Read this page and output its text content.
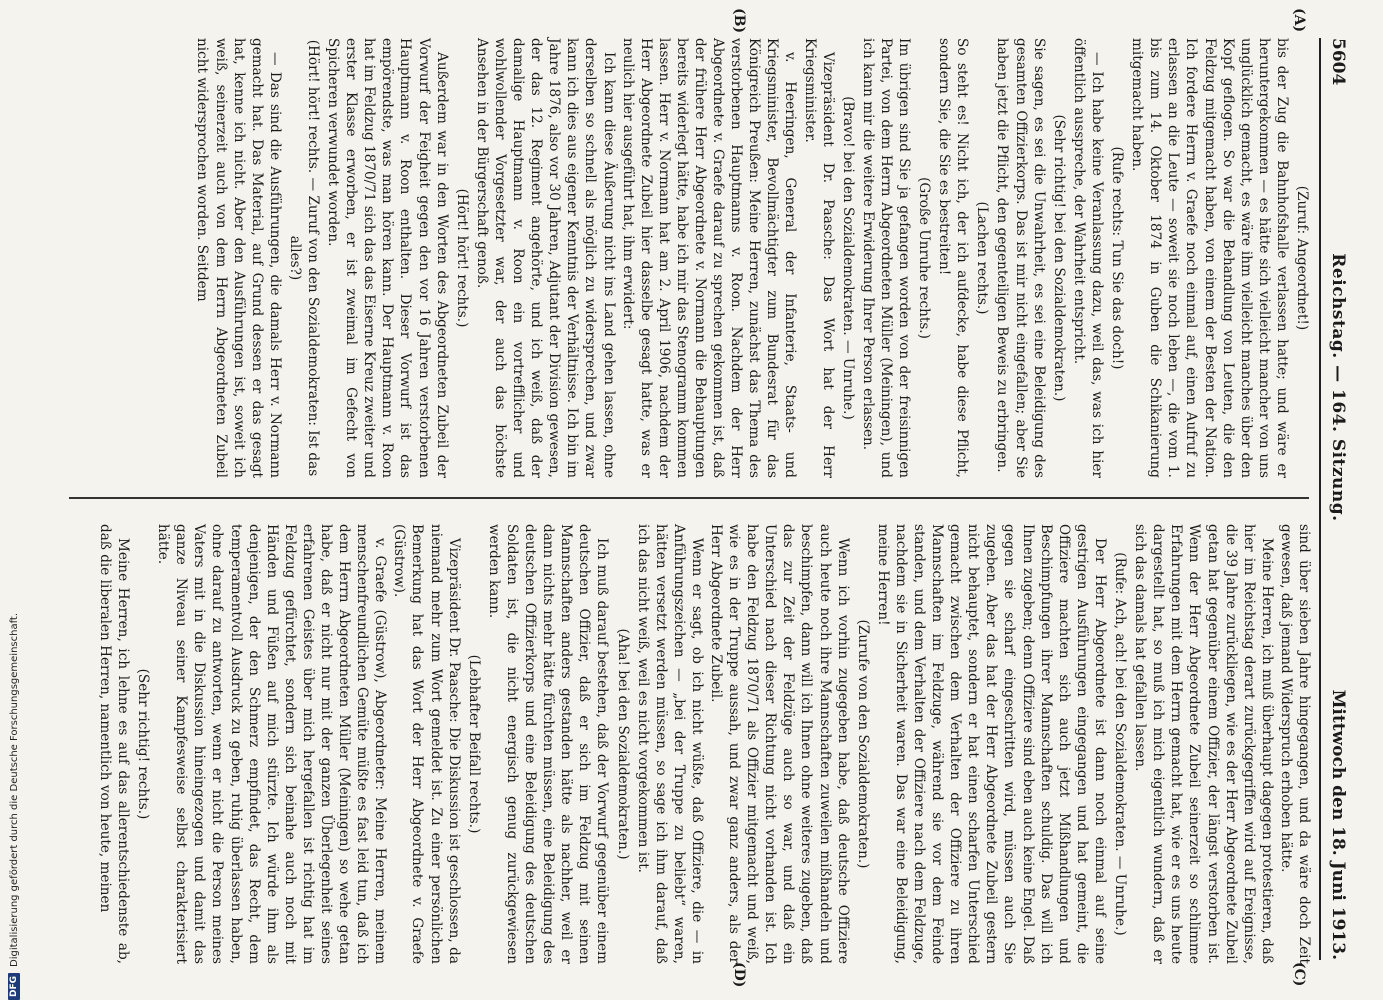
5604
Reichstag. — 164. Sitzung.
Mittwoch den 18. Juni 1913.
(A)
(B)
(C)
(D)

(Zuruf: Angeordnet!)

bis der Zug die Bahnhofshalle verlassen hatte; und wäre er heruntergekommen — es hätte sich vielleicht mancher von uns unglücklich gemacht, es wäre ihm vielleicht manches über den Kopf geflogen. So war die Behandlung von Leuten, die den Feldzug mitgemacht haben, von einem der Besten der Nation. Ich fordere Herrn v. Graefe noch einmal auf, einen Aufruf zu erlassen an die Leute — soweit sie noch leben —, die vom 1. bis zum 14. Oktober 1874 in Guben die Schikanierung mitgemacht haben.

(Rufe rechts: Tun Sie das doch!)

— Ich habe keine Veranlassung dazu, weil das, was ich hier öffentlich ausspreche, der Wahrheit entspricht.

(Sehr richtig! bei den Sozialdemokraten.)

Sie sagen, es sei die Unwahrheit, es sei eine Beleidigung des gesamten Offizierkorps. Das ist mir nicht eingefallen; aber Sie haben jetzt die Pflicht, den gegenteiligen Beweis zu erbringen.

(Lachen rechts.)

So steht es! Nicht ich, der ich aufdecke, habe diese Pflicht, sondern Sie, die Sie es bestreiten!

(Große Unruhe rechts.)

Im übrigen sind Sie ja gefangen worden von der freisinnigen Partei, von dem Herrn Abgeordneten Müller (Meiningen), und ich kann mir die weitere Erwiderung Ihrer Person erlassen.

(Bravo! bei den Sozialdemokraten. — Unruhe.)

Vizepräsident Dr. Paasche: Das Wort hat der Herr Kriegsminister.

v. Heeringen, General der Infanterie, Staats- und Kriegsminister, Bevollmächtigter zum Bundesrat für das Königreich Preußen: Meine Herren, zunächst das Thema des verstorbenen Hauptmanns v. Roon. Nachdem der Herr Abgeordnete v. Graefe darauf zu sprechen gekommen ist, daß der frühere Herr Abgeordnete v. Normann die Behauptungen bereits widerlegt hätte, habe ich mir das Stenogramm kommen lassen. Herr v. Normann hat am 2. April 1906, nachdem der Herr Abgeordnete Zubeil hier dasselbe gesagt hatte, was er neulich hier ausgeführt hat, ihm erwidert:

Ich kann diese Äußerung nicht ins Land gehen lassen, ohne derselben so schnell als möglich zu widersprechen, und zwar kann ich dies aus eigener Kenntnis der Verhältnisse. Ich bin im Jahre 1876, also vor 30 Jahren, Adjutant der Division gewesen, der das 12. Regiment angehörte, und ich weiß, daß der damalige Hauptmann v. Roon ein vortrefflicher und wohlwollender Vorgesetzter war, der auch das höchste Ansehen in der Bürgerschaft genoß.

(Hört! hört! rechts.)

Außerdem war in den Worten des Abgeordneten Zubeil der Vorwurf der Feigheit gegen den vor 16 Jahren verstorbenen Hauptmann v. Roon enthalten. Dieser Vorwurf ist das empörendste, was man hören kann. Der Hauptmann v. Roon hat im Feldzug 1870/71 sich das das Eiserne Kreuz zweiter und erster Klasse erworben, er ist zweimal im Gefecht von Spicheren verwundet worden.

(Hört! hört! rechts. — Zuruf von den Sozialdemokraten: Ist das alles?)

— Das sind die Ausführungen, die damals Herr v. Normann gemacht hat. Das Material, auf Grund dessen er das gesagt hat, kenne ich nicht. Aber den Ausführungen ist, soweit ich weiß, seinerzeit auch von dem Herrn Abgeordneten Zubeil nicht widersprochen worden. Seitdem

sind über sieben Jahre hingegangen, und da wäre doch Zeit gewesen, daß jemand Widerspruch erhoben hätte.

Meine Herren, ich muß überhaupt dagegen protestieren, daß hier im Reichstag derart zurückgegriffen wird auf Ereignisse, die 39 Jahre zurückliegen, wie es der Herr Abgeordnete Zubeil getan hat gegenüber einem Offizier, der längst verstorben ist. Wenn der Herr Abgeordnete Zubeil seinerzeit so schlimme Erfahrungen mit dem Herrn gemacht hat, wie er es uns heute dargestellt hat, so muß ich mich eigentlich wundern, daß er sich das damals hat gefallen lassen.

(Rufe: Ach, ach! bei den Sozialdemokraten. — Unruhe.)

Der Herr Abgeordnete ist dann noch einmal auf seine gestrigen Ausführungen eingegangen und hat gemeint, die Offiziere machten sich auch jetzt Mißhandlungen und Beschimpfungen ihrer Mannschaften schuldig. Das will ich Ihnen zugeben; denn Offiziere sind eben auch keine Engel. Daß gegen sie scharf eingeschritten wird, müssen auch Sie zugeben. Aber das hat der Herr Abgeordnete Zubeil gestern nicht behauptet, sondern er hat einen scharfen Unterschied gemacht zwischen dem Verhalten der Offiziere zu ihren Mannschaften im Feldzuge, während sie vor dem Feinde standen, und dem Verhalten der Offiziere nach dem Feldzuge, nachdem sie in Sicherheit waren. Das war eine Beleidigung, meine Herren!

(Zurufe von den Sozialdemokraten.)

Wenn ich vorhin zugegeben habe, daß deutsche Offiziere auch heute noch ihre Mannschaften zuweilen mißhandeln und beschimpfen, dann will ich Ihnen ohne weiteres zugeben, daß das zur Zeit der Feldzüge auch so war, und daß ein Unterschied nach dieser Richtung nicht vorhanden ist. Ich habe den Feldzug 1870/71 als Offizier mitgemacht und weiß, wie es in der Truppe aussah, und zwar ganz anders, als der Herr Abgeordnete Zubeil.

Wenn er sagt, ob ich nicht wüßte, daß Offiziere, die — in Anführungszeichen — „bei der Truppe zu beliebt“ waren, hätten versetzt werden müssen, so sage ich ihm darauf, daß ich das nicht weiß, weil es nicht vorgekommen ist.

(Aha! bei den Sozialdemokraten.)

Ich muß darauf bestehen, daß der Vorwurf gegenüber einem deutschen Offizier, daß er sich im Feldzug mit seinen Mannschaften anders gestanden hätte als nachher, weil er dann nichts mehr hätte fürchten müssen, eine Beleidigung des deutschen Offizierkorps und eine Beleidigung des deutschen Soldaten ist, die nicht energisch genug zurückgewiesen werden kann.

(Lebhafter Beifall rechts.)

Vizepräsident Dr. Paasche: Die Diskussion ist geschlossen, da niemand mehr zum Wort gemeldet ist. Zu einer persönlichen Bemerkung hat das Wort der Herr Abgeordnete v. Graefe (Güstrow).

v. Graefe (Güstrow), Abgeordneter: Meine Herren, meinem menschenfreundlichen Gemüte müßte es fast leid tun, daß ich dem Herrn Abgeordneten Müller (Meiningen) so wehe getan habe, daß er nicht nur mit der ganzen Überlegenheit seines erfahrenen Geistes über mich hergefallen ist richtig hat im Feldzug gefürchtet, sondern sich beinahe auch noch mit Händen und Füßen auf mich stürzte. Ich würde ihm als denjenigen, der den Schmerz empfindet, das Recht, dem temperamentvoll Ausdruck zu geben, ruhig überlassen haben, ohne darauf zu antworten, wenn er nicht die Person meines Vaters mit in die Diskussion hineingezogen und damit das ganze Niveau seiner Kampfesweise selbst charakterisiert hätte.

(Sehr richtig! rechts.)

Meine Herren, ich lehne es auf das allerentschiedenste ab, daß die liberalen Herren, namentlich von heute, meinen

DFG
Digitalisierung gefördert durch die Deutsche Forschungsgemeinschaft.
